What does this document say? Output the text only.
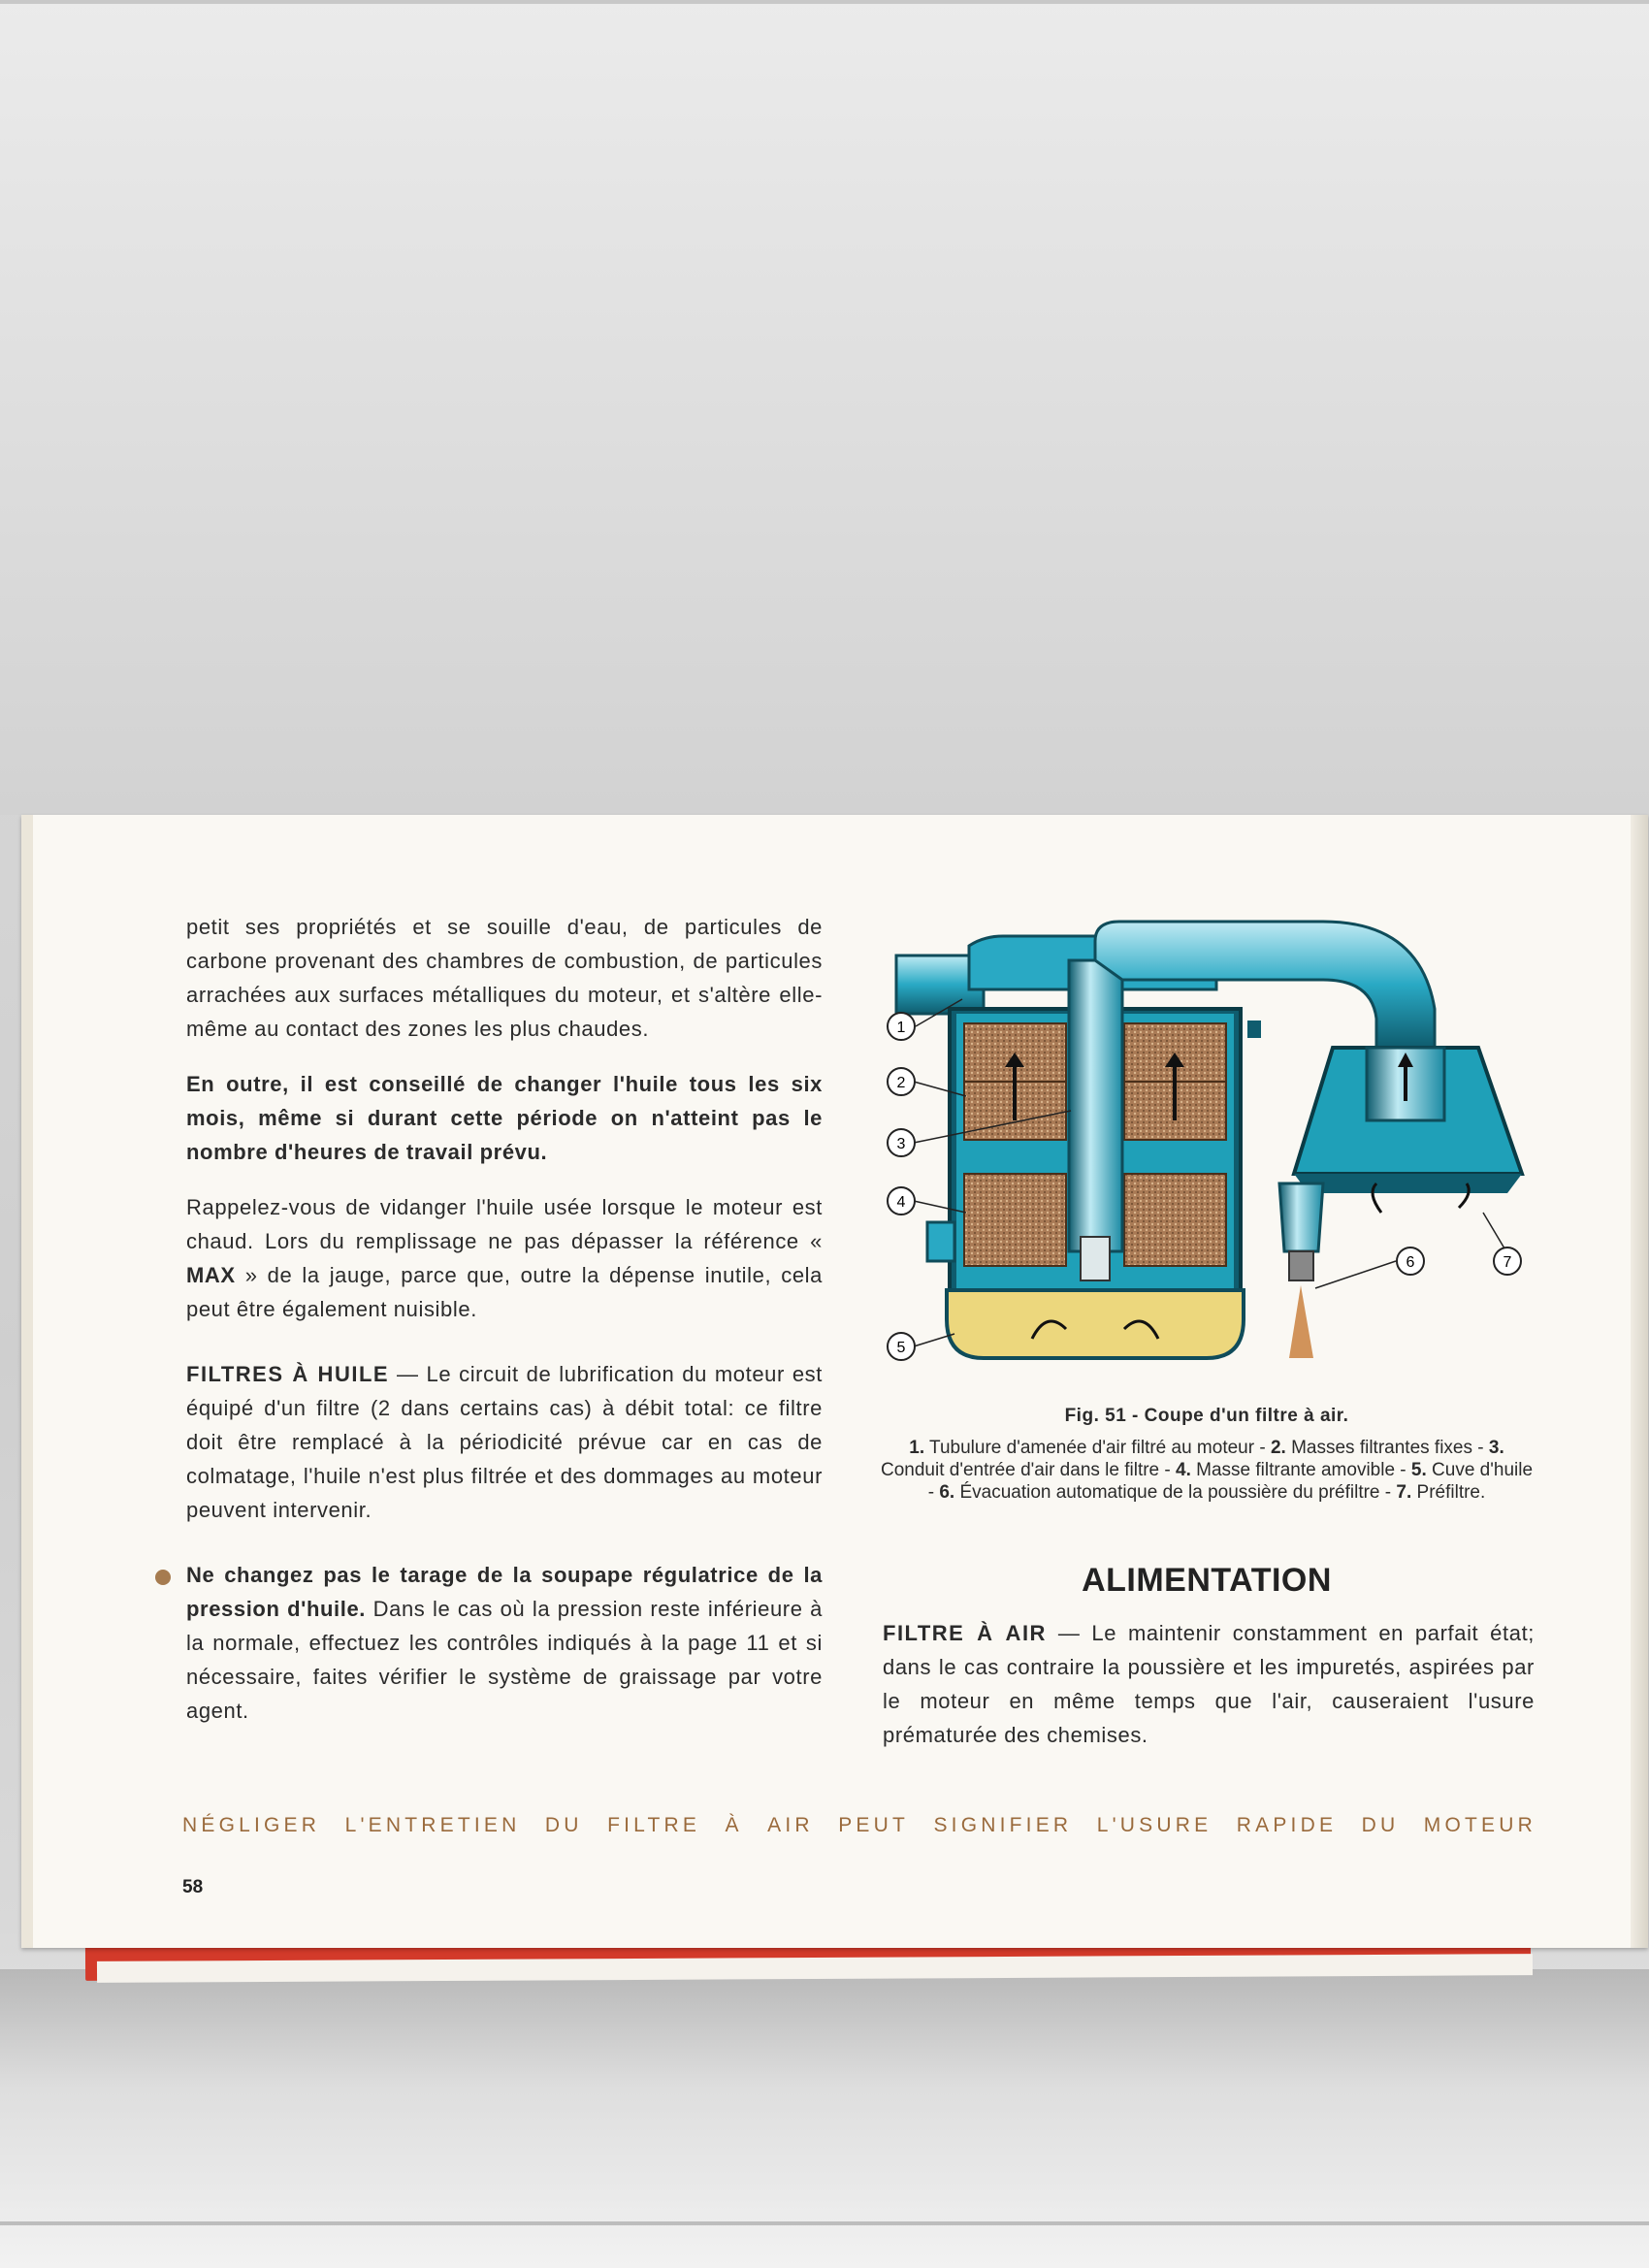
petit ses propriétés et se souille d'eau, de particules de carbone provenant des chambres de combustion, de particules arrachées aux surfaces métalliques du moteur, et s'altère elle-même au contact des zones les plus chaudes.

En outre, il est conseillé de changer l'huile tous les six mois, même si durant cette période on n'atteint pas le nombre d'heures de travail prévu.

Rappelez-vous de vidanger l'huile usée lorsque le moteur est chaud. Lors du remplissage ne pas dépasser la référence « MAX » de la jauge, parce que, outre la dépense inutile, cela peut être également nuisible.

FILTRES À HUILE — Le circuit de lubrification du moteur est équipé d'un filtre (2 dans certains cas) à débit total: ce filtre doit être remplacé à la périodicité prévue car en cas de colmatage, l'huile n'est plus filtrée et des dommages au moteur peuvent intervenir.

Ne changez pas le tarage de la soupape régulatrice de la pression d'huile. Dans le cas où la pression reste inférieure à la normale, effectuez les contrôles indiqués à la page 11 et si nécessaire, faites vérifier le système de graissage par votre agent.

1
2
3
4
5
6	7
Fig. 51 - Coupe d'un filtre à air.
1. Tubulure d'amenée d'air filtré au moteur - 2. Masses filtrantes fixes - 3. Conduit d'entrée d'air dans le filtre - 4. Masse filtrante amovible - 5. Cuve d'huile - 6. Évacuation automatique de la poussière du préfiltre - 7. Préfiltre.
ALIMENTATION

FILTRE À AIR — Le maintenir constamment en parfait état; dans le cas contraire la poussière et les impuretés, aspirées par le moteur en même temps que l'air, causeraient l'usure prématurée des chemises.

NÉGLIGER L'ENTRETIEN DU FILTRE À AIR PEUT SIGNIFIER L'USURE RAPIDE DU MOTEUR
58
